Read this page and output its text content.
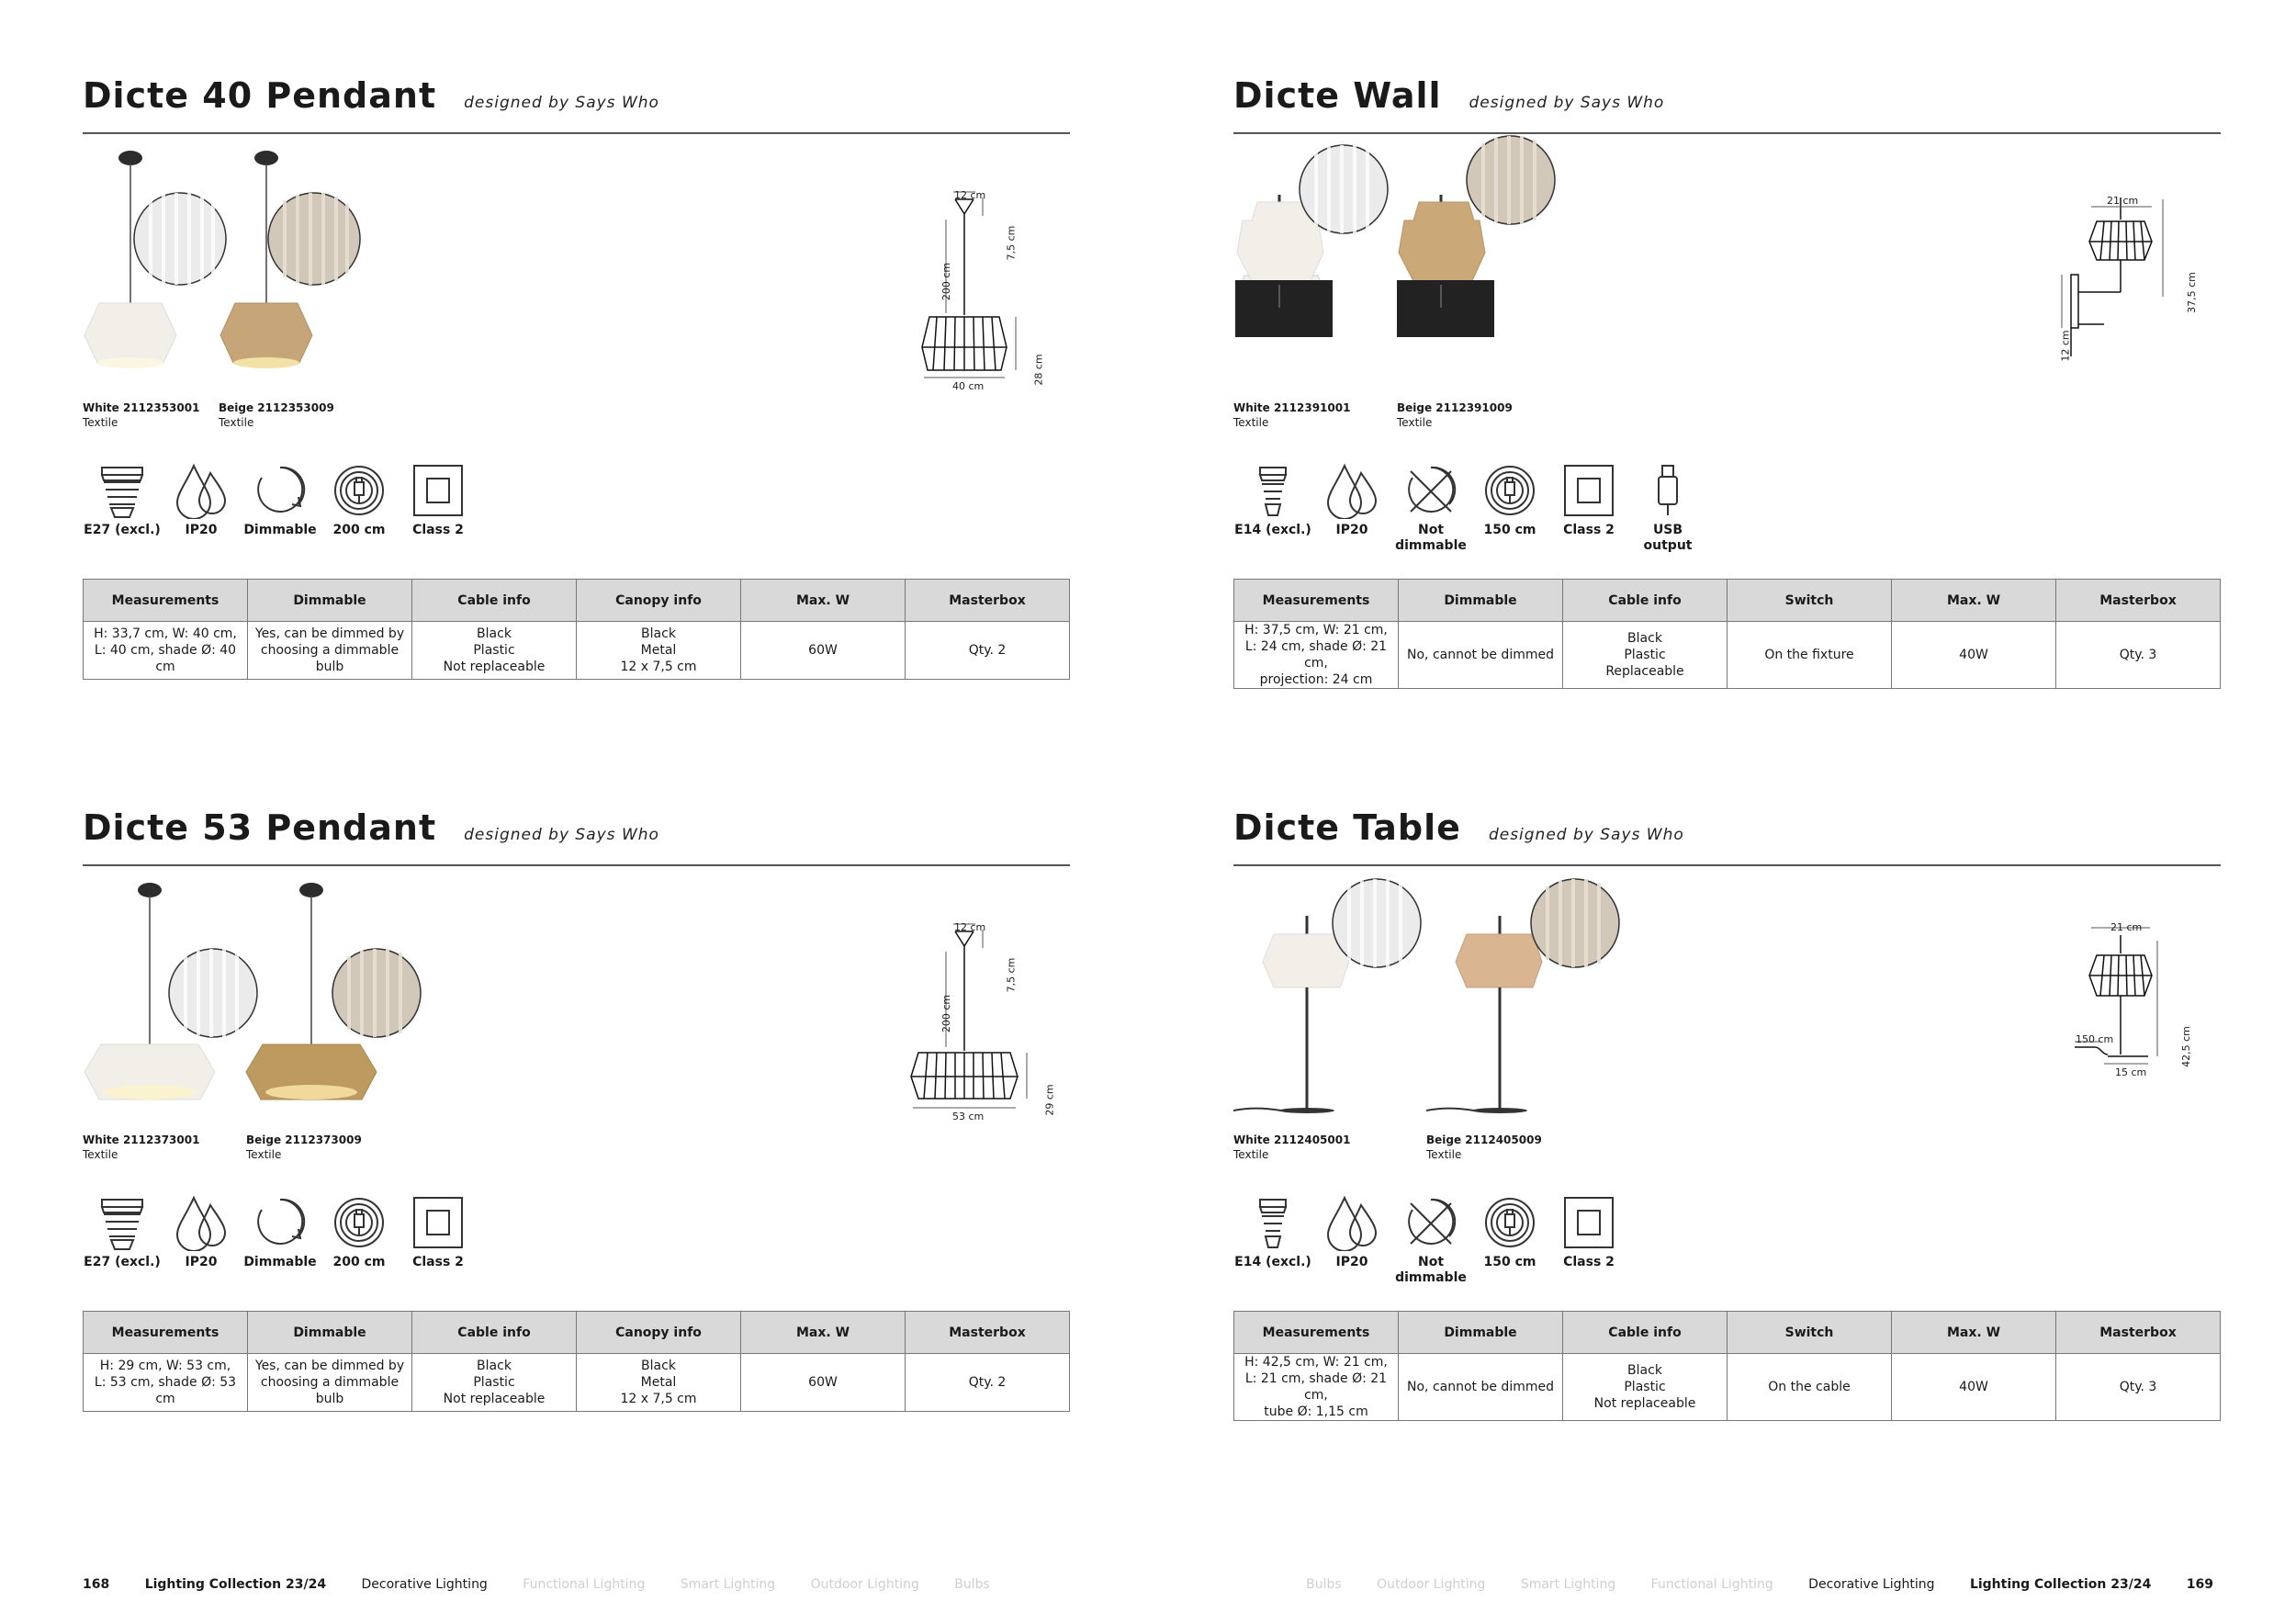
Dicte 40 Pendant designed by Says Who
White 2112353001
Textile
Beige 2112353009
Textile
12 cm
7,5 cm
200 cm
28 cm
40 cm
E27 (excl.)	IP20	Dimmable	200 cm	Class 2
Measurements	Dimmable	Cable info	Canopy info	Max. W	Masterbox
H: 33,7 cm, W: 40 cm,
L: 40 cm, shade Ø: 40 cm	Yes, can be dimmed by
choosing a dimmable
bulb	Black
Plastic
Not replaceable	Black
Metal
12 x 7,5 cm	60W	Qty. 2
Dicte Wall designed by Says Who
White 2112391001
Textile
Beige 2112391009
Textile
21 cm
37,5 cm
12 cm
E14 (excl.)	IP20	Not dimmable
150 cm	Class 2	USB output
Measurements	Dimmable	Cable info	Switch	Max. W	Masterbox
H: 37,5 cm, W: 21 cm,
L: 24 cm, shade Ø: 21 cm,
projection: 24 cm	No, cannot be dimmed	Black
Plastic
Replaceable	On the fixture	40W	Qty. 3
Dicte 53 Pendant designed by Says Who
White 2112373001
Textile
Beige 2112373009
Textile
12 cm
7,5 cm
200 cm
29 cm
53 cm
E27 (excl.)	IP20	Dimmable	200 cm	Class 2
Measurements	Dimmable	Cable info	Canopy info	Max. W	Masterbox
H: 29 cm, W: 53 cm,
L: 53 cm, shade Ø: 53 cm	Yes, can be dimmed by
choosing a dimmable
bulb	Black
Plastic
Not replaceable	Black
Metal
12 x 7,5 cm	60W	Qty. 2
Dicte Table designed by Says Who
White 2112405001
Textile
Beige 2112405009
Textile
21 cm
42,5 cm
150 cm
15 cm
E14 (excl.)	IP20	Not dimmable
150 cm	Class 2
Measurements	Dimmable	Cable info	Switch	Max. W	Masterbox
H: 42,5 cm, W: 21 cm,
L: 21 cm, shade Ø: 21 cm,
tube Ø: 1,15 cm	No, cannot be dimmed	Black
Plastic
Not replaceable	On the cable	40W	Qty. 3
168	Lighting Collection 23/24	Decorative Lighting	Functional Lighting	Smart Lighting	Outdoor Lighting	Bulbs	Bulbs	Outdoor Lighting	Smart Lighting	Functional Lighting	Decorative Lighting	Lighting Collection 23/24	169
